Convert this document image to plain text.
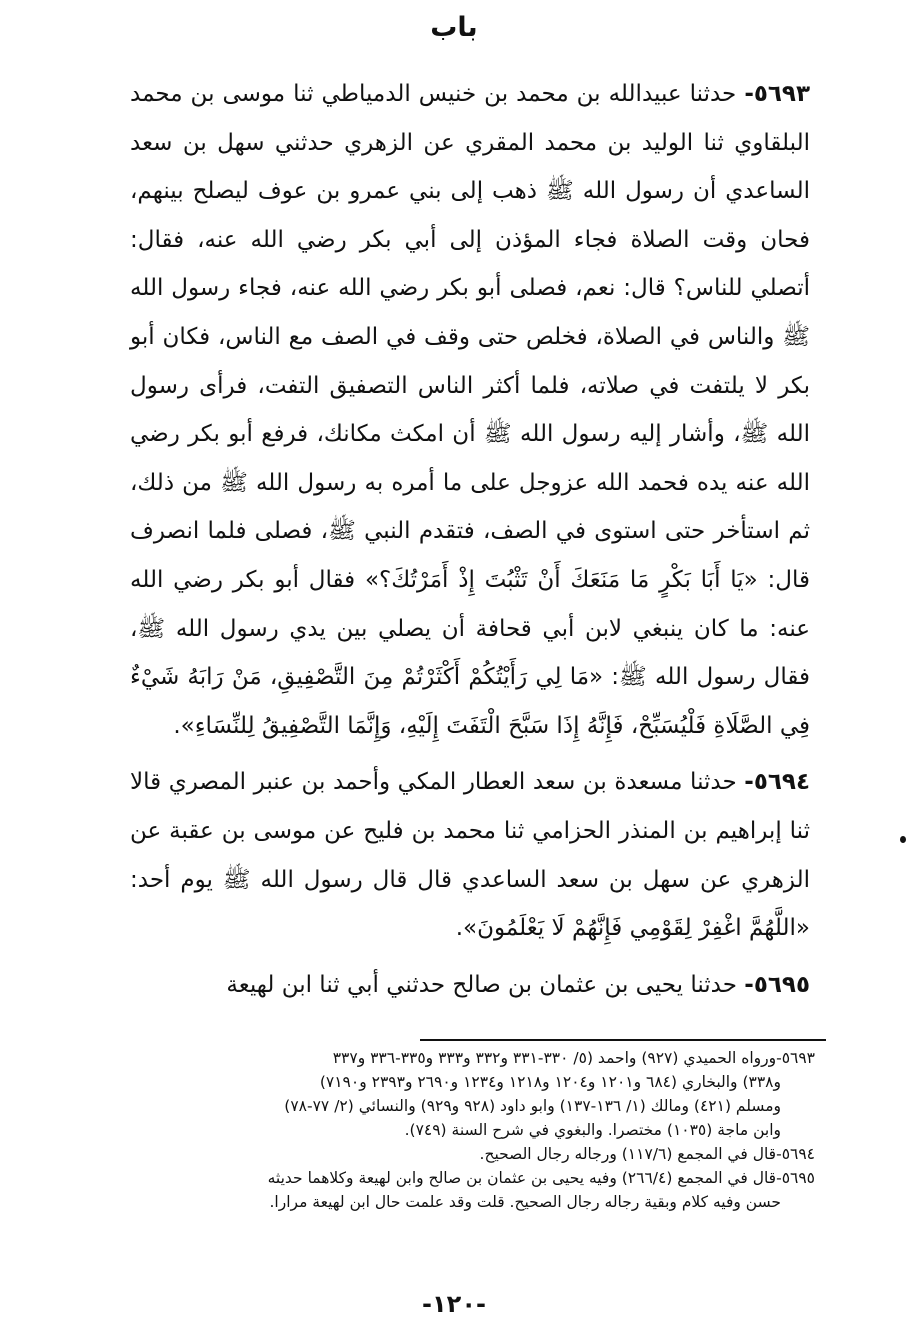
باب

٥٦٩٣- حدثنا عبيدالله بن محمد بن خنيس الدمياطي ثنا موسى بن محمد البلقاوي ثنا الوليد بن محمد المقري عن الزهري حدثني سهل بن سعد الساعدي أن رسول الله ﷺ ذهب إلى بني عمرو بن عوف ليصلح بينهم، فحان وقت الصلاة فجاء المؤذن إلى أبي بكر رضي الله عنه، فقال: أتصلي للناس؟ قال: نعم، فصلى أبو بكر رضي الله عنه، فجاء رسول الله ﷺ والناس في الصلاة، فخلص حتى وقف في الصف مع الناس، فكان أبو بكر لا يلتفت في صلاته، فلما أكثر الناس التصفيق التفت، فرأى رسول الله ﷺ، وأشار إليه رسول الله ﷺ أن امكث مكانك، فرفع أبو بكر رضي الله عنه يده فحمد الله عزوجل على ما أمره به رسول الله ﷺ من ذلك، ثم استأخر حتى استوى في الصف، فتقدم النبي ﷺ، فصلى فلما انصرف قال: «يَا أَبَا بَكْرٍ مَا مَنَعَكَ أَنْ تَثْبُتَ إِذْ أَمَرْتُكَ؟» فقال أبو بكر رضي الله عنه: ما كان ينبغي لابن أبي قحافة أن يصلي بين يدي رسول الله ﷺ، فقال رسول الله ﷺ: «مَا لِي رَأَيْتُكُمْ أَكْثَرْتُمْ مِنَ التَّصْفِيقِ، مَنْ رَابَهُ شَيْءٌ فِي الصَّلَاةِ فَلْيُسَبِّحْ، فَإِنَّهُ إِذَا سَبَّحَ الْتَفَتَ إِلَيْهِ، وَإِنَّمَا التَّصْفِيقُ لِلنِّسَاءِ».

٥٦٩٤- حدثنا مسعدة بن سعد العطار المكي وأحمد بن عنبر المصري قالا ثنا إبراهيم بن المنذر الحزامي ثنا محمد بن فليح عن موسى بن عقبة عن الزهري عن سهل بن سعد الساعدي قال قال رسول الله ﷺ يوم أحد: «اللَّهُمَّ اغْفِرْ لِقَوْمِي فَإِنَّهُمْ لَا يَعْلَمُونَ».

٥٦٩٥- حدثنا يحيى بن عثمان بن صالح حدثني أبي ثنا ابن لهيعة

٥٦٩٣-ورواه الحميدي (٩٢٧) واحمد (٥/ ٣٣٠-٣٣١ و٣٣٢ و٣٣٣ و٣٣٥-٣٣٦ و٣٣٧
و٣٣٨) والبخاري (٦٨٤ و١٢٠١ و١٢٠٤ و١٢١٨ و١٢٣٤ و٢٦٩٠ و٢٣٩٣ و٧١٩٠)
ومسلم (٤٢١) ومالك (١/ ١٣٦-١٣٧) وابو داود (٩٢٨ و٩٢٩) والنسائي (٢/ ٧٧-٧٨)
وابن ماجة (١٠٣٥) مختصرا. والبغوي في شرح السنة (٧٤٩).
٥٦٩٤-قال في المجمع (١١٧/٦) ورجاله رجال الصحيح.
٥٦٩٥-قال في المجمع (٢٦٦/٤) وفيه يحيى بن عثمان بن صالح وابن لهيعة وكلاهما حديثه
حسن وفيه كلام وبقية رجاله رجال الصحيح. قلت وقد علمت حال ابن لهيعة مرارا.
-١٢٠-
